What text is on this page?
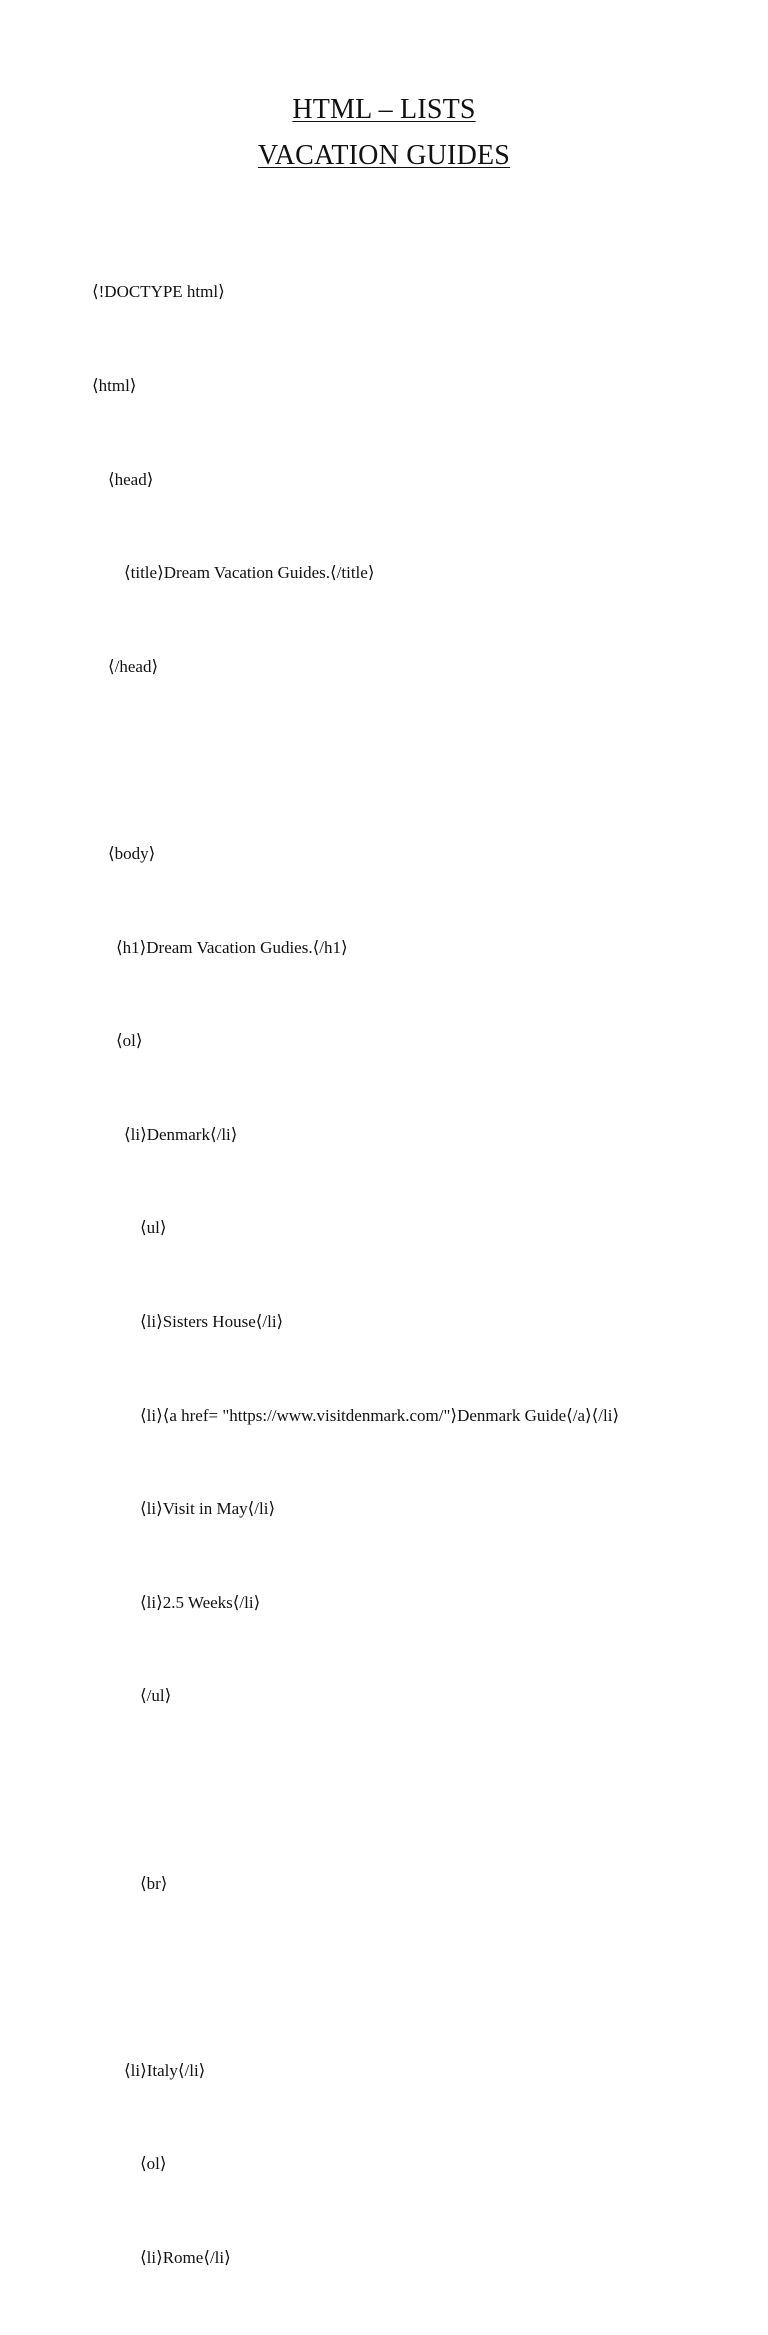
HTML – LISTS
VACATION GUIDES

⟨!DOCTYPE html⟩

⟨html⟩

⟨head⟩

⟨title⟩Dream Vacation Guides.⟨/title⟩

⟨/head⟩

⟨body⟩

⟨h1⟩Dream Vacation Gudies.⟨/h1⟩

⟨ol⟩

⟨li⟩Denmark⟨/li⟩

⟨ul⟩

⟨li⟩Sisters House⟨/li⟩

⟨li⟩⟨a href= "https://www.visitdenmark.com/"⟩Denmark Guide⟨/a⟩⟨/li⟩

⟨li⟩Visit in May⟨/li⟩

⟨li⟩2.5 Weeks⟨/li⟩

⟨/ul⟩

⟨br⟩

⟨li⟩Italy⟨/li⟩

⟨ol⟩

⟨li⟩Rome⟨/li⟩
